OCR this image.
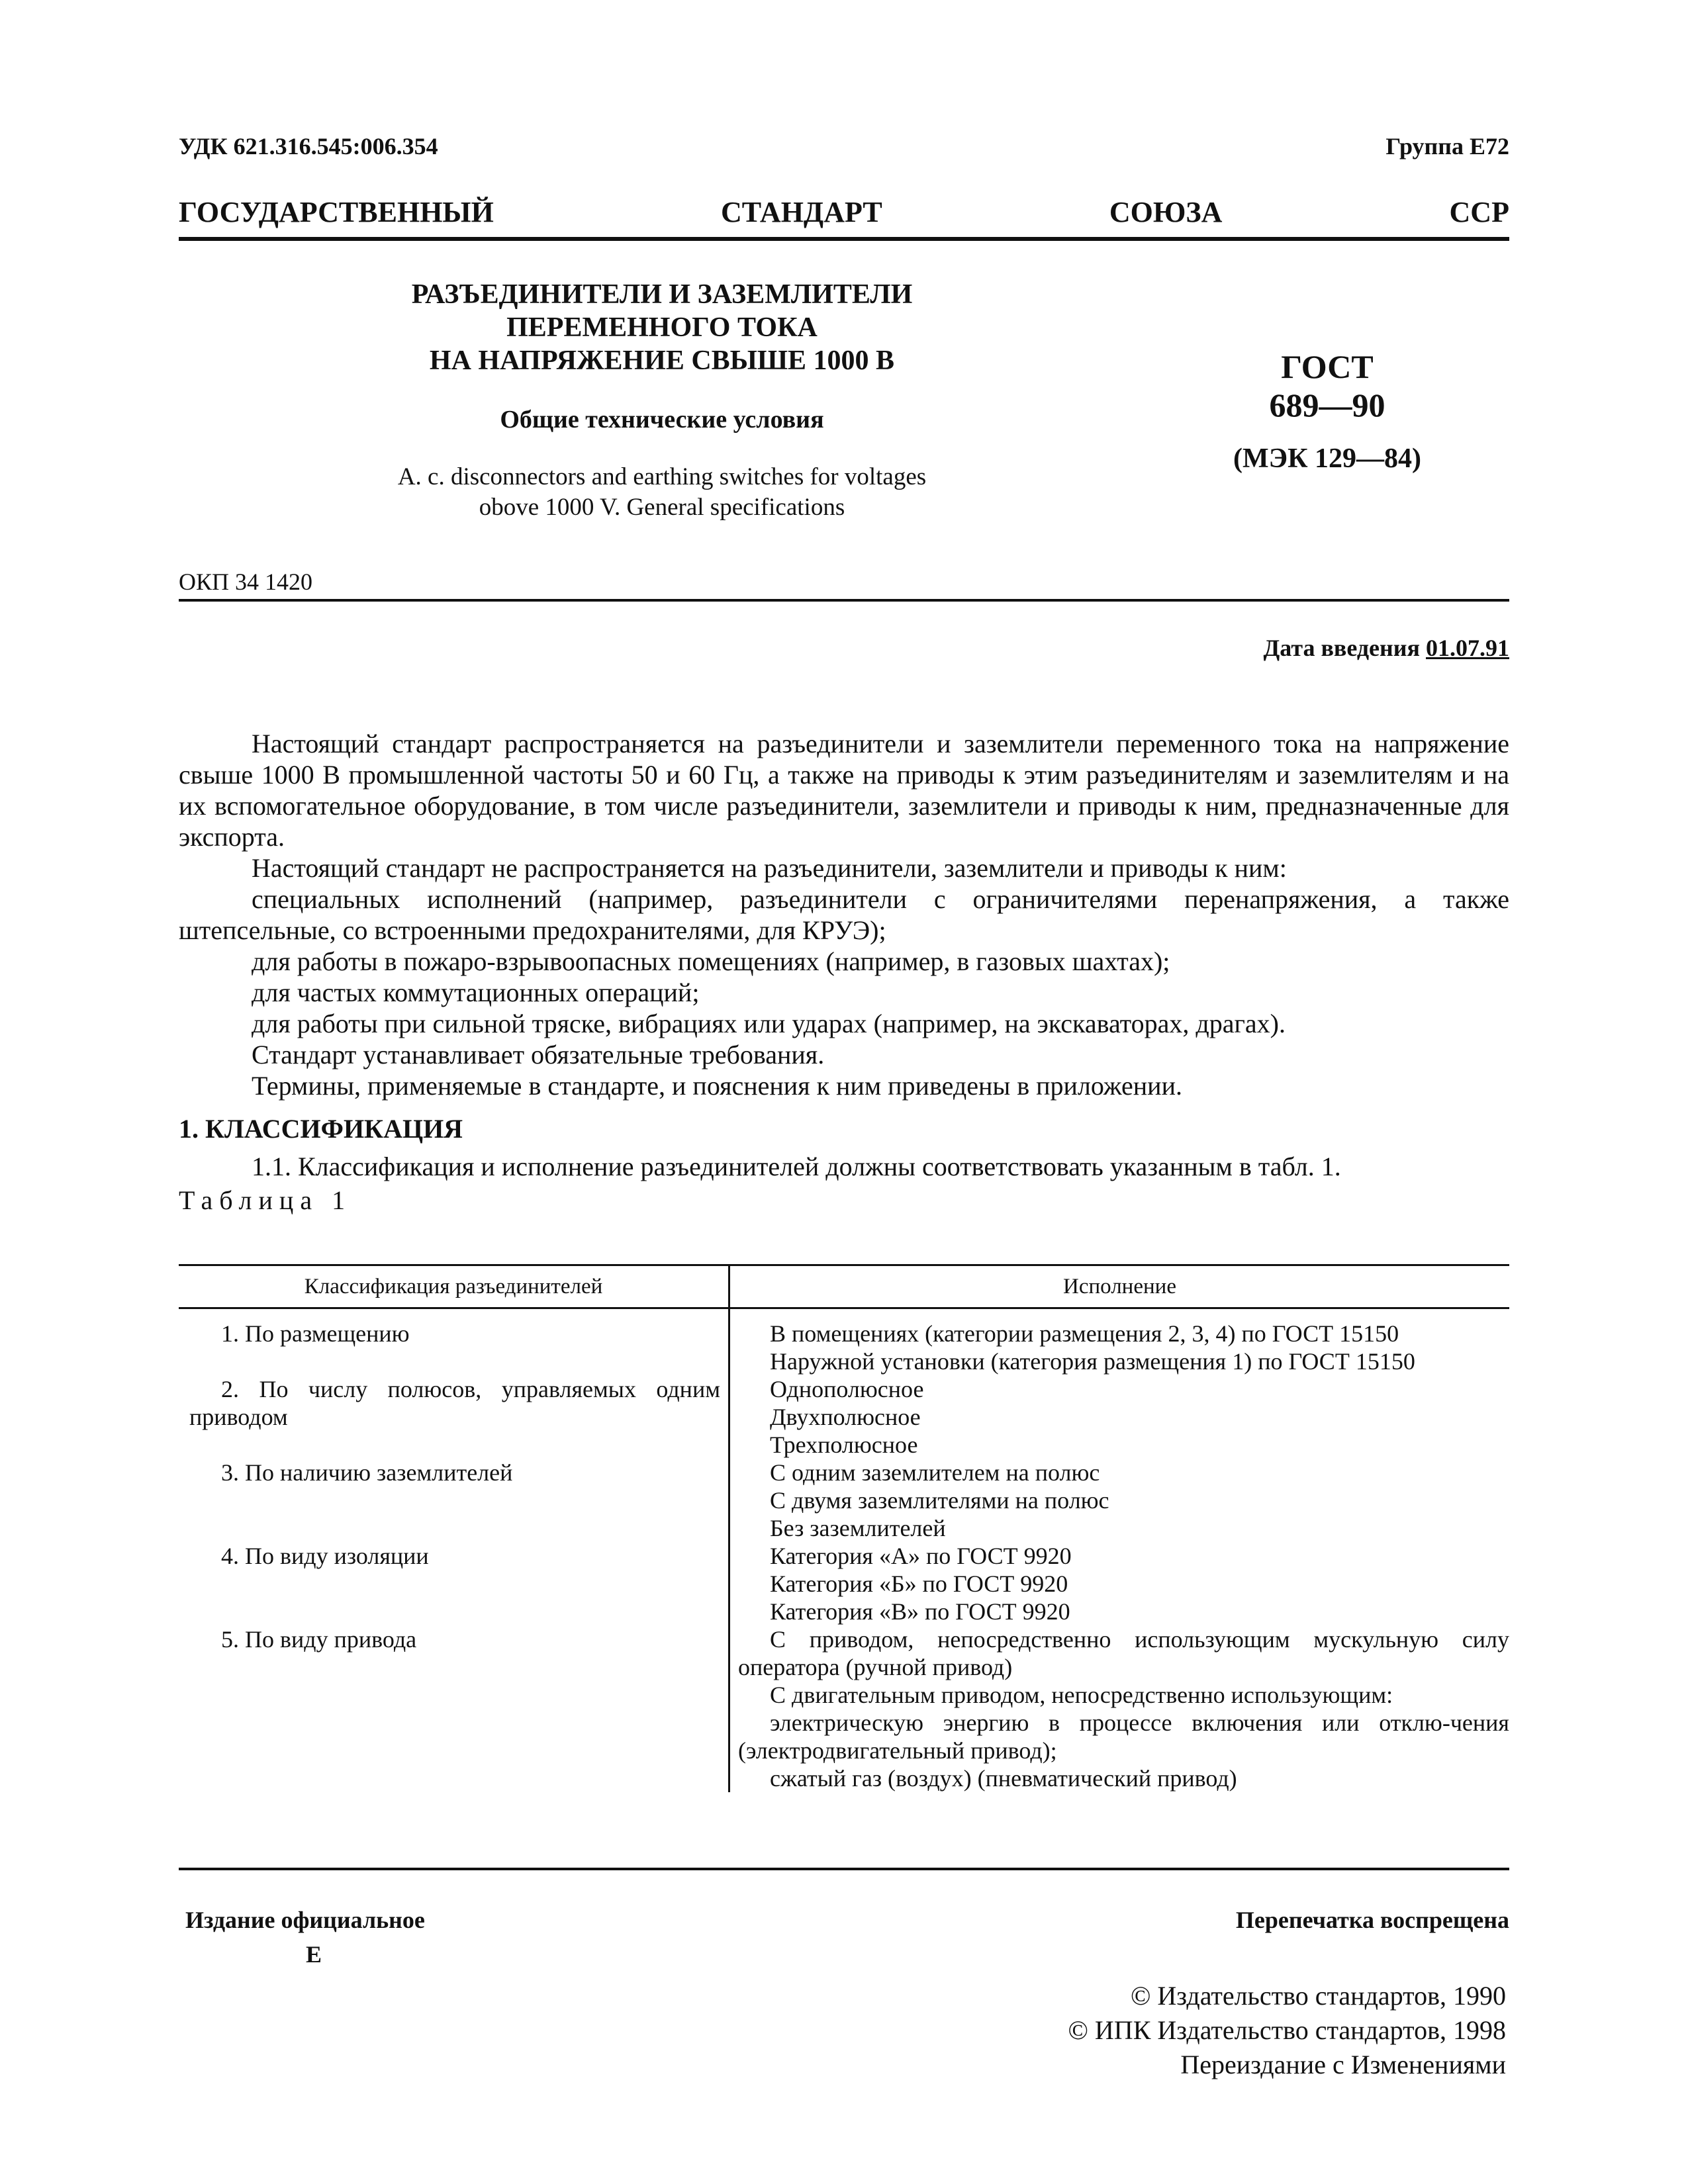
УДК 621.316.545:006.354	Группа Е72
ГОСУДАРСТВЕННЫЙ	СТАНДАРТ	СОЮЗА	ССР
РАЗЪЕДИНИТЕЛИ И ЗАЗЕМЛИТЕЛИ
ПЕРЕМЕННОГО ТОКА
НА НАПРЯЖЕНИЕ СВЫШЕ 1000 В
Общие технические условия
A. c. disconnectors and earthing switches for voltages
obove 1000 V. General specifications
ГОСТ
689—90
(МЭК 129—84)
ОКП 34 1420
Дата введения 01.07.91

Настоящий стандарт распространяется на разъединители и заземлители переменного тока на напряжение свыше 1000 В промышленной частоты 50 и 60 Гц, а также на приводы к этим разъединителям и заземлителям и на их вспомогательное оборудование, в том числе разъединители, заземлители и приводы к ним, предназначенные для экспорта.

Настоящий стандарт не распространяется на разъединители, заземлители и приводы к ним:

специальных исполнений (например, разъединители с ограничителями перенапряжения, а также штепсельные, со встроенными предохранителями, для КРУЭ);

для работы в пожаро-взрывоопасных помещениях (например, в газовых шахтах);

для частых коммутационных операций;

для работы при сильной тряске, вибрациях или ударах (например, на экскаваторах, драгах).

Стандарт устанавливает обязательные требования.

Термины, применяемые в стандарте, и пояснения к ним приведены в приложении.

1. КЛАССИФИКАЦИЯ

1.1. Классификация и исполнение разъединителей должны соответствовать указанным в табл. 1.

Таблица 1

Классификация разъединителей	Исполнение

1. По размещению	В помещениях (категории размещения 2, 3, 4) по ГОСТ 15150
Наружной установки (категория размещения 1) по ГОСТ 15150

2. По числу полюсов, управляемых одним приводом	Однополюсное
Двухполюсное
Трехполюсное

3. По наличию заземлителей	С одним заземлителем на полюс
С двумя заземлителями на полюс
Без заземлителей

4. По виду изоляции	Категория «А» по ГОСТ 9920
Категория «Б» по ГОСТ 9920
Категория «В» по ГОСТ 9920

5. По виду привода	С приводом, непосредственно использующим мускульную силу оператора (ручной привод)
С двигательным приводом, непосредственно использующим:
электрическую энергию в процессе включения или отклю-чения (электродвигательный привод);
сжатый газ (воздух) (пневматический привод)
Издание официальное
Е
Перепечатка воспрещена
© Издательство стандартов, 1990
© ИПК Издательство стандартов, 1998
Переиздание с Изменениями
